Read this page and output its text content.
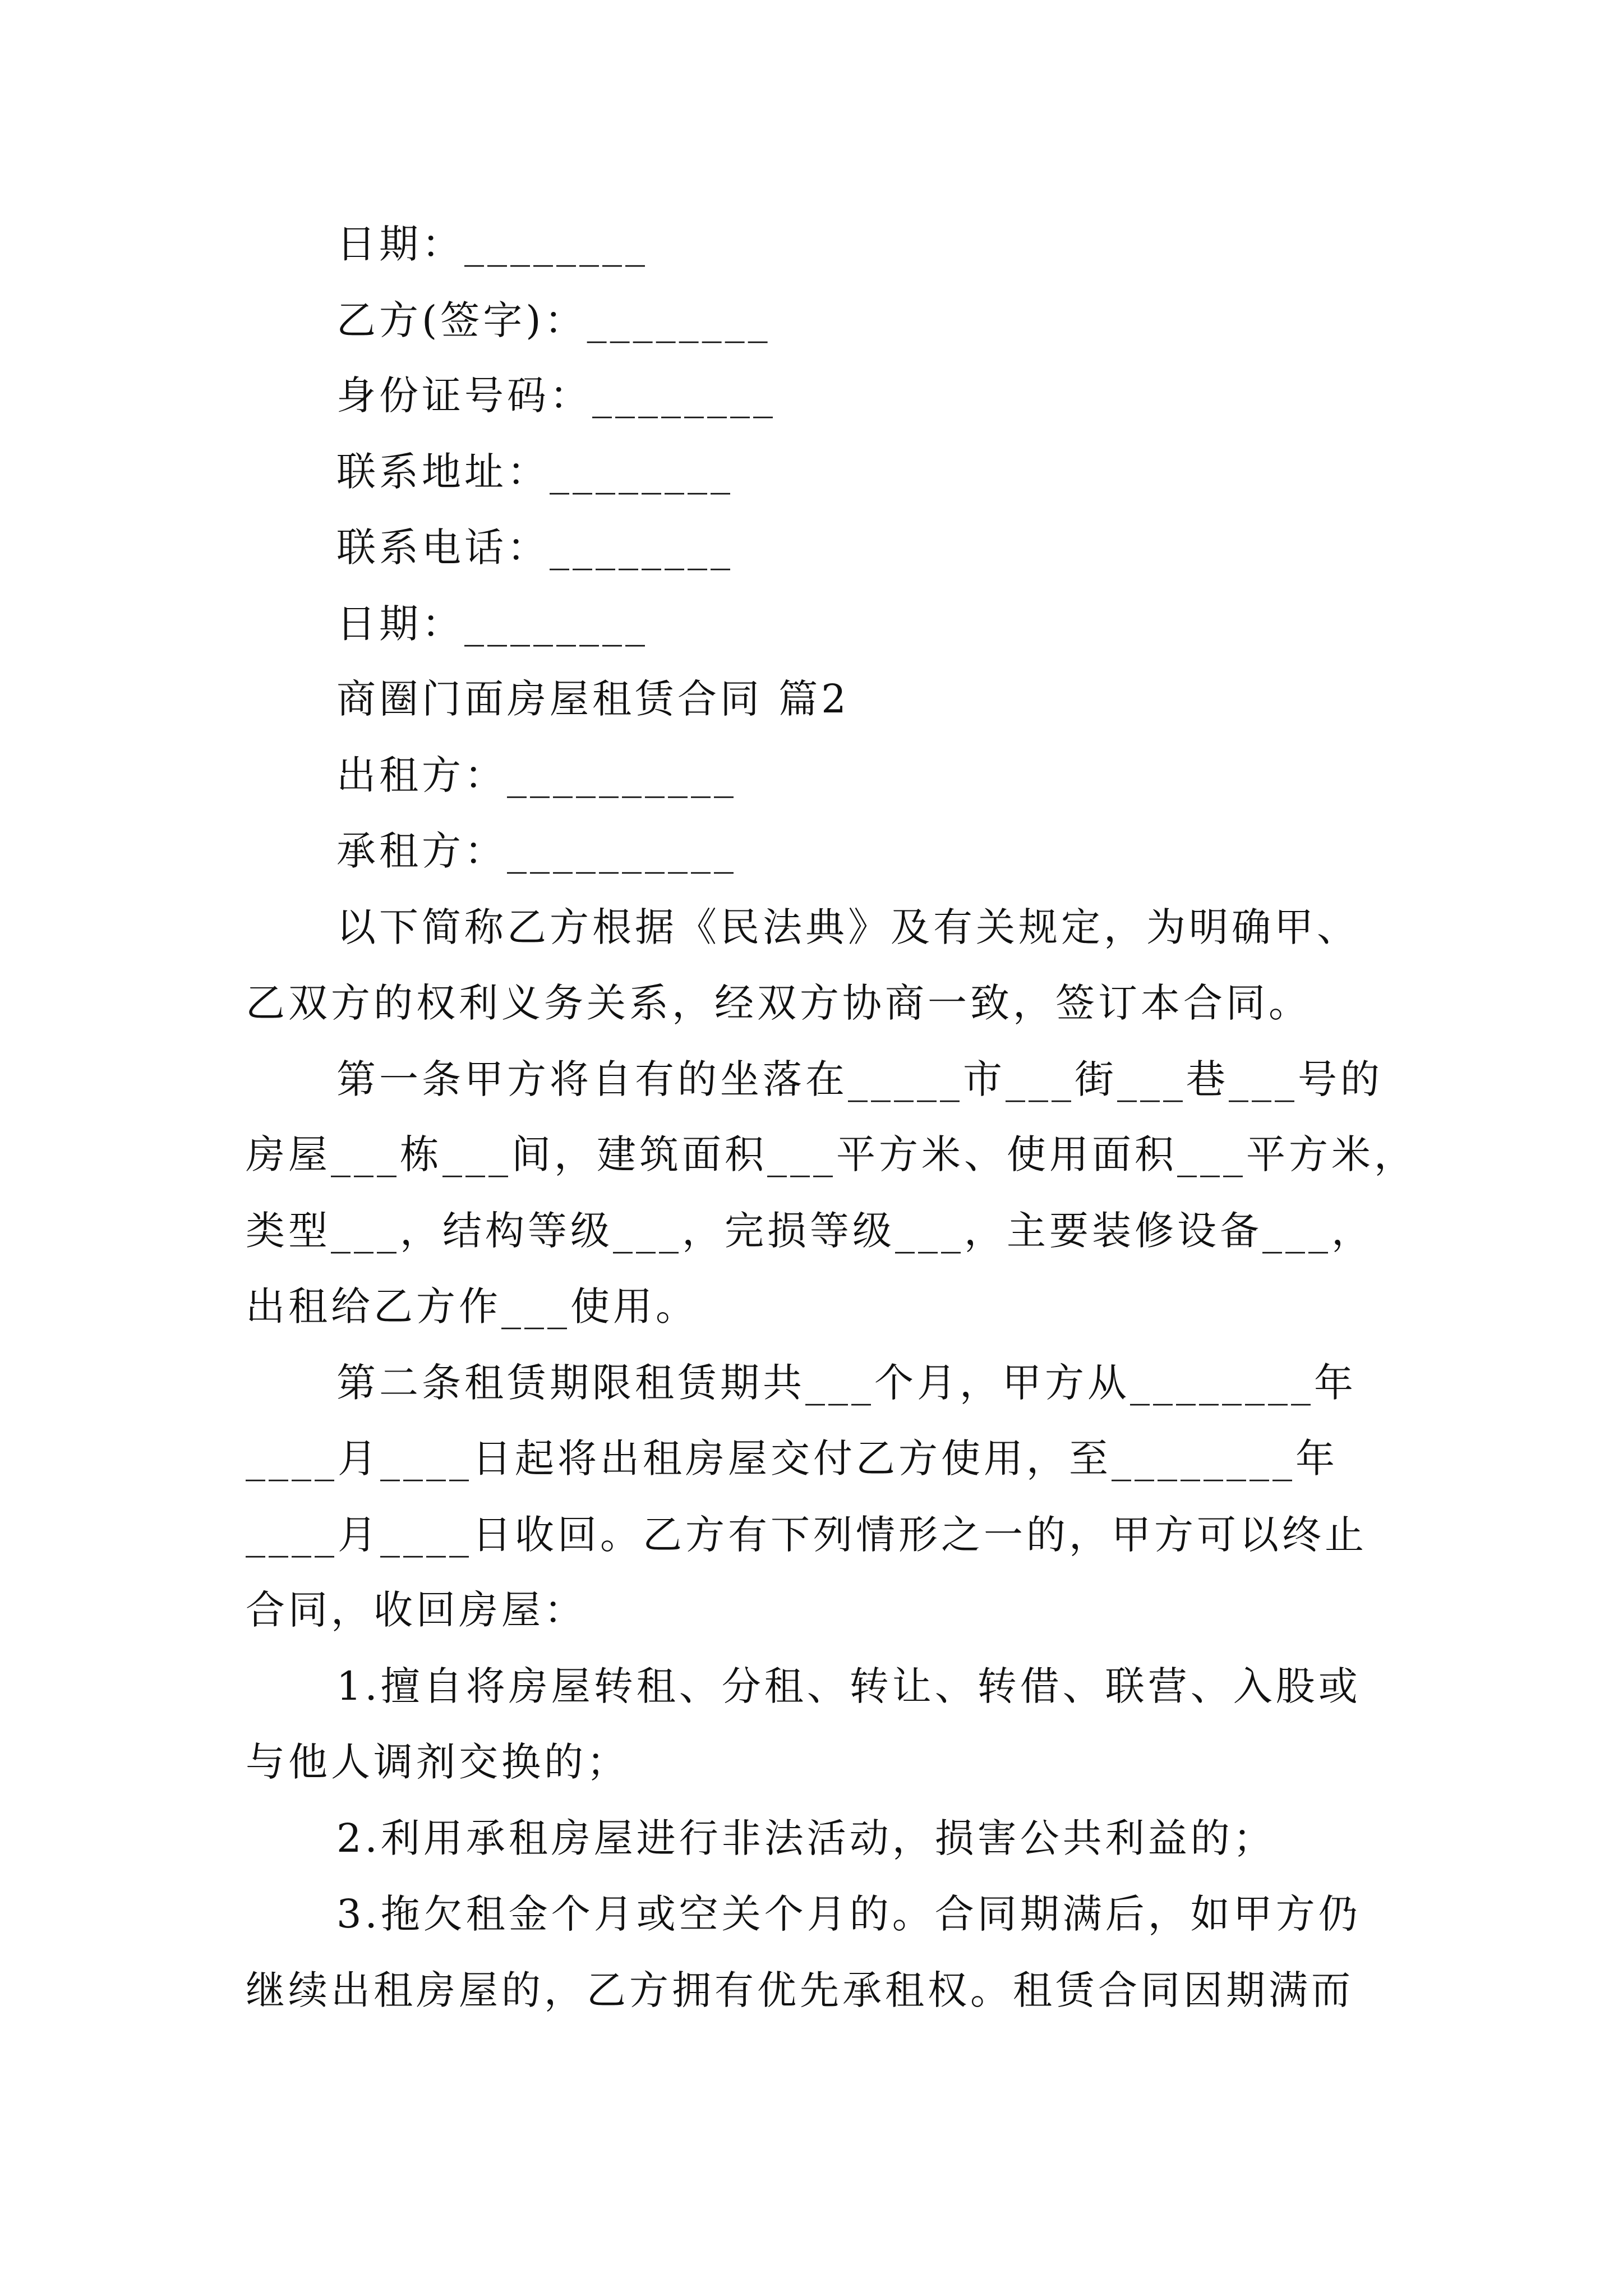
日期：________
乙方(签字)：________
身份证号码：________
联系地址：________
联系电话：________
日期：________
商圈门面房屋租赁合同 篇2
出租方：__________
承租方：__________
以下简称乙方根据《民法典》及有关规定，为明确甲、
乙双方的权利义务关系，经双方协商一致，签订本合同。
第一条甲方将自有的坐落在_____市___街___巷___号的
房屋___栋___间，建筑面积___平方米、使用面积___平方米，
类型___，结构等级___，完损等级___，主要装修设备___，
出租给乙方作___使用。
第二条租赁期限租赁期共___个月，甲方从________年
____月____日起将出租房屋交付乙方使用，至________年
____月____日收回。乙方有下列情形之一的，甲方可以终止
合同，收回房屋：
1.擅自将房屋转租、分租、转让、转借、联营、入股或
与他人调剂交换的；
2.利用承租房屋进行非法活动，损害公共利益的；
3.拖欠租金个月或空关个月的。合同期满后，如甲方仍
继续出租房屋的，乙方拥有优先承租权。租赁合同因期满而
